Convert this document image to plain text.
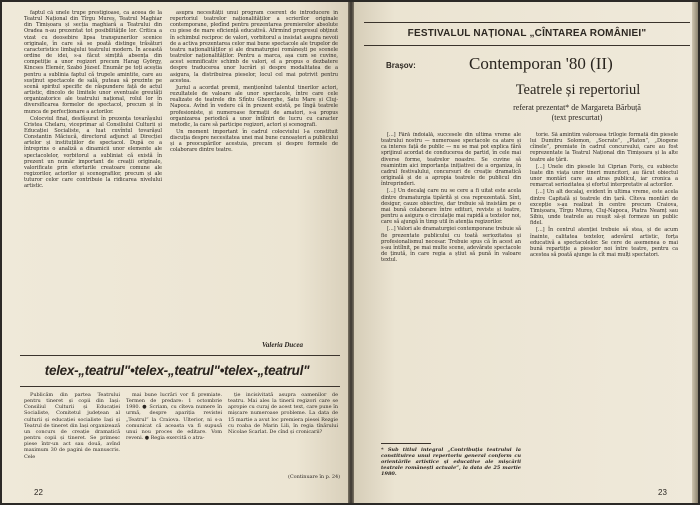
faptul că unele trupe prestigioase, ca aceea de la Teatrul Național din Tîrgu Mureș, Teatrul Maghiar din Timișoara și secția maghiară a Teatrului din Oradea n-au prezentat tot posibilitățile lor. Critica a vizat cu deosebire lipsa transpunerilor scenice originale, în care să se poată distinge trăsături caracteristice limbajului teatrului modern. În această ordine de idei, s-a făcut simțită absența din competiție a unor regizori precum Harag György, Kincses Elemér, Szabó József. Enumăr pe toți aceștia pentru a sublinia faptul că trupele amintite, care au susținut spectacole de sală, puteau să prezinte pe scenă spiritul specific de răspundere față de actul artistic, dincolo de limitele unor eventuale greutăți organizatorice ale teatrului național, rolul lor în diversificarea formelor de spectacol, precum și în munca de perfecționare a actorilor.

Colocviul final, desfășurat în prezența tovarășului Cristea Chelaru, viceprimar al Consiliului Culturii și Educației Socialiste, a luat cuvîntul tovarășul Constantin Măciucă, directorul adjunct al Direcției artelor și instituțiilor de spectacol. După ce a întreprins o analiză a dinamicii unor elemente ale spectacolelor, vorbitorul a subliniat că există în prezent un număr important de creații originale, valorificate prin eforturile creatoare comune ale regizorilor, actorilor și scenografilor, precum și ale tuturor celor care contribuie la ridicarea nivelului artistic.

asupra necesității unui program coerent de introducere în repertoriul teatrelor naționalităților a scrierilor originale contemporane, pledînd pentru prezentarea premierelor absolute cu piese de mare eficiență educativă. Afirmînd progresul obținut în schimbul reciproc de valori, vorbitorul a insistat asupra nevoii de a activa prezentarea celor mai bune spectacole ale trupelor de teatru naționalităților și ale dramaturgiei românești pe scenele teatrelor naționalităților. Pentru a marca, așa cum se cuvine, acest semnificativ schimb de valori, el a propus o dezbatere despre traducerea unor lucrări și despre modalitatea de a asigura, la distribuirea pieselor, locul cel mai potrivit pentru acestea.

Juriul a acordat premii, menționînd talentul tinerilor actori, rezultatele de valoare ale unor spectacole, între care cele realizate de teatrele din Sfîntu Gheorghe, Satu Mare și Cluj-Napoca. Avînd în vedere că în prezent există, pe lîngă teatrele profesioniste, și numeroase formații de amatori, s-a propus organizarea periodică a unor întîlniri de lucru cu caracter metodic, la care să participe regizori, actori și scenografi.

Un moment important în cadrul colocviului l-a constituit discuția despre necesitatea unei mai bune cunoașteri a publicului și a preocupărilor acestuia, precum și despre formele de colaborare dintre teatre.

Valeria Ducea
telex-„teatrul"•telex-„teatrul"•telex-„teatrul"

Publicăm din partea Teatrului pentru tineret și copii din Iași: Consiliul Culturii și Educației Socialiste, Comitetul județean al culturii și educației socialiste Iași și Teatrul de tineret din Iași organizează un concurs de creație dramatică pentru copii și tineret. Se primesc piese într-un act sau două, avînd maximum 30 de pagini de manuscris. Cele

mai bune lucrări vor fi premiate. Termen de predare: 1 octombrie 1980. ● Scriam, cu cîteva numere în urmă, despre apariția revistei „Teatrul” la Craiova. Ulterior, ni s-a comunicat că aceasta va fi supusă unui nou proces de editare. Vom reveni. ● Regia exercită o atra-

ție incisivitată asupra oamenilor de teatru. Mai ales la tinerii regizori care se apropie cu curaj de acest text, care pune în mișcare numeroase probleme. La data de 15 martie a avut loc premiera piesei Rezgie cu roaba de Marin Lili, în regia tînărului Nicolae Scarlat. De cînd și cronicarii?

(Continuare în p. 24)
22
FESTIVALUL NAȚIONAL „CÎNTAREA ROMÂNIEI"
Brașov:	Contemporan '80 (II)
Teatrele și repertoriul
referat prezentat* de Margareta Bărbuță
(text prescurtat)

[...] Fără îndoială, succesele din ultima vreme ale teatrului nostru — numeroase spectacole ca atare și ca interes față de public — nu se mai pot explica fără sprijinul acordat de conducerea de partid, în cele mai diverse forme, teatrelor noastre. Se cuvine să reamintim aici importanța inițiativei de a organiza, în cadrul festivalului, concursuri de creație dramatică originală și de a apropia teatrele de publicul din întreprinderi.

[...] Un decalaj care nu se cere a fi uitat este acela dintre dramaturgia tipărită și cea reprezentată. Sînt, desigur, cauze obiective, dar trebuie să insistăm pe o mai bună colaborare între edituri, reviste și teatre, pentru a asigura o circulație mai rapidă a textelor noi, care să ajungă în timp util în atenția regizorilor.

[...] Valori ale dramaturgiei contemporane trebuie să fie prezentate publicului cu toată seriozitatea și profesionalismul necesar. Trebuie spus că în acest an s-au întîlnit, pe mai multe scene, adevărate spectacole de ținută, în care regia a știut să pună în valoare textul.

* Sub titlul integral „Contribuția teatrului la constituirea unui repertoriu general conform cu orientările artistice și educative ale mișcării teatrale românești actuale”, la data de 25 martie 1980.

torie. Să amintim valoroasa trilogie formată din piesele lui Dumitru Solomon, „Socrate”, „Platon”, „Diogene cîinele”, premiate în cadrul concursului, care au fost reprezentate la Teatrul Național din Timișoara și la alte teatre ale țării.

[...] Unele din piesele lui Ciprian Foriș, cu subiecte luate din viața unor tineri muncitori, au făcut obiectul unor montări care au atras publicul, iar cronica a remarcat seriozitatea și efortul interpretativ al actorilor.

[...] Un alt decalaj, evident în ultima vreme, este acela dintre Capitală și teatrele din țară. Cîteva montări de excepție s-au realizat în centre precum Craiova, Timișoara, Tîrgu Mureș, Cluj-Napoca, Piatra Neamț sau Sibiu, unde teatrele au reușit să-și formeze un public fidel.

[...] În centrul atenției trebuie să stea, și de acum înainte, calitatea textelor, adevărul artistic, forța educativă a spectacolelor. Se cere de asemenea o mai bună repartiție a pieselor noi între teatre, pentru ca acestea să poată ajunge la cît mai mulți spectatori.

23
